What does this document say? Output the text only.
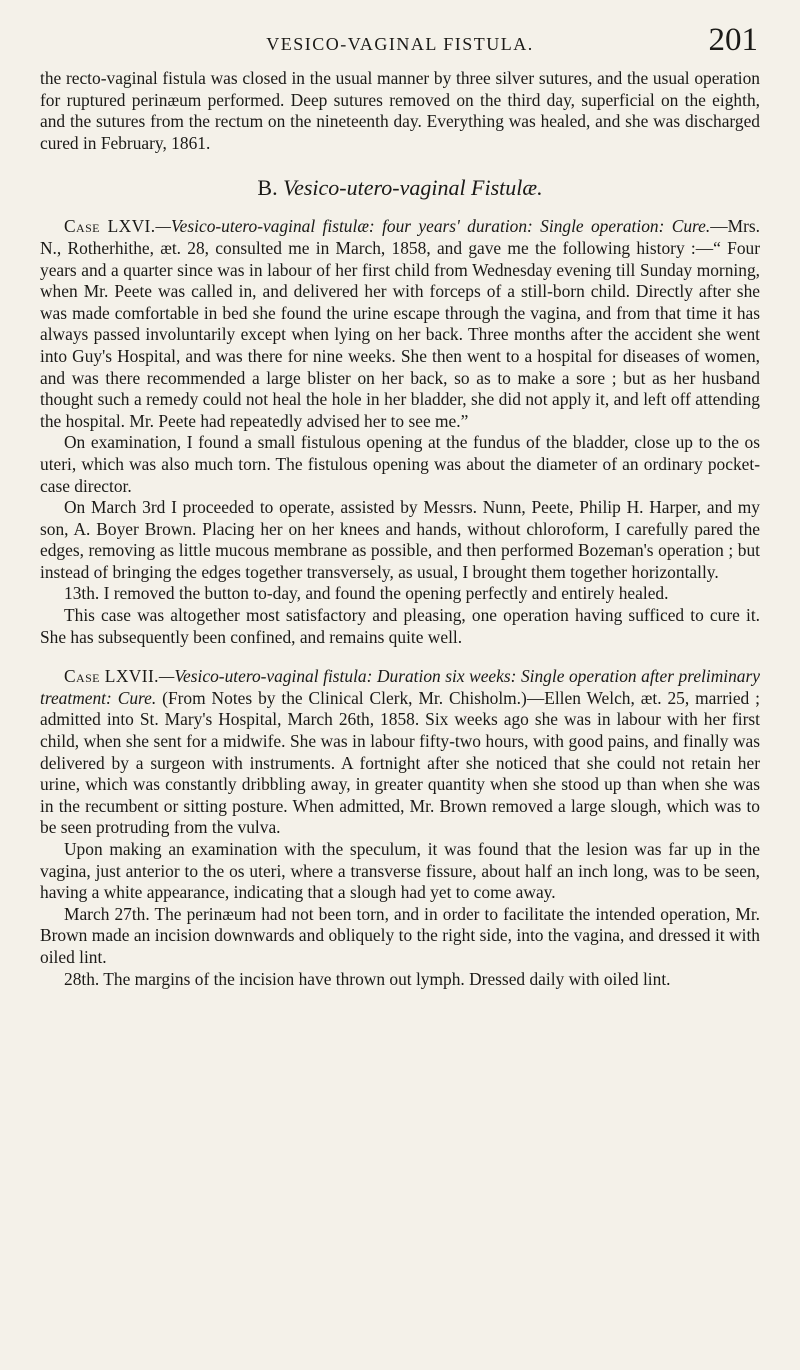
VESICO-VAGINAL FISTULA.	201

the recto-vaginal fistula was closed in the usual manner by three silver sutures, and the usual operation for ruptured perinæum performed. Deep sutures removed on the third day, superficial on the eighth, and the sutures from the rectum on the nineteenth day. Everything was healed, and she was discharged cured in February, 1861.

B. Vesico-utero-vaginal Fistulæ.

Case LXVI.—Vesico-utero-vaginal fistulæ: four years' duration: Single operation: Cure.—Mrs. N., Rotherhithe, æt. 28, consulted me in March, 1858, and gave me the following history :—“ Four years and a quarter since was in labour of her first child from Wednesday evening till Sunday morning, when Mr. Peete was called in, and delivered her with forceps of a still-born child. Directly after she was made comfortable in bed she found the urine escape through the vagina, and from that time it has always passed involuntarily except when lying on her back. Three months after the accident she went into Guy's Hospital, and was there for nine weeks. She then went to a hospital for diseases of women, and was there recommended a large blister on her back, so as to make a sore ; but as her husband thought such a remedy could not heal the hole in her bladder, she did not apply it, and left off attending the hospital. Mr. Peete had repeatedly advised her to see me.”

On examination, I found a small fistulous opening at the fundus of the bladder, close up to the os uteri, which was also much torn. The fistulous opening was about the diameter of an ordinary pocket-case director.

On March 3rd I proceeded to operate, assisted by Messrs. Nunn, Peete, Philip H. Harper, and my son, A. Boyer Brown. Placing her on her knees and hands, without chloroform, I carefully pared the edges, removing as little mucous membrane as possible, and then performed Bozeman's operation ; but instead of bringing the edges together transversely, as usual, I brought them together horizontally.

13th. I removed the button to-day, and found the opening perfectly and entirely healed.

This case was altogether most satisfactory and pleasing, one operation having sufficed to cure it. She has subsequently been confined, and remains quite well.

Case LXVII.—Vesico-utero-vaginal fistula: Duration six weeks: Single operation after preliminary treatment: Cure. (From Notes by the Clinical Clerk, Mr. Chisholm.)—Ellen Welch, æt. 25, married ; admitted into St. Mary's Hospital, March 26th, 1858. Six weeks ago she was in labour with her first child, when she sent for a midwife. She was in labour fifty-two hours, with good pains, and finally was delivered by a surgeon with instruments. A fortnight after she noticed that she could not retain her urine, which was constantly dribbling away, in greater quantity when she stood up than when she was in the recumbent or sitting posture. When admitted, Mr. Brown removed a large slough, which was to be seen protruding from the vulva.

Upon making an examination with the speculum, it was found that the lesion was far up in the vagina, just anterior to the os uteri, where a transverse fissure, about half an inch long, was to be seen, having a white appearance, indicating that a slough had yet to come away.

March 27th. The perinæum had not been torn, and in order to facilitate the intended operation, Mr. Brown made an incision downwards and obliquely to the right side, into the vagina, and dressed it with oiled lint.

28th. The margins of the incision have thrown out lymph. Dressed daily with oiled lint.
